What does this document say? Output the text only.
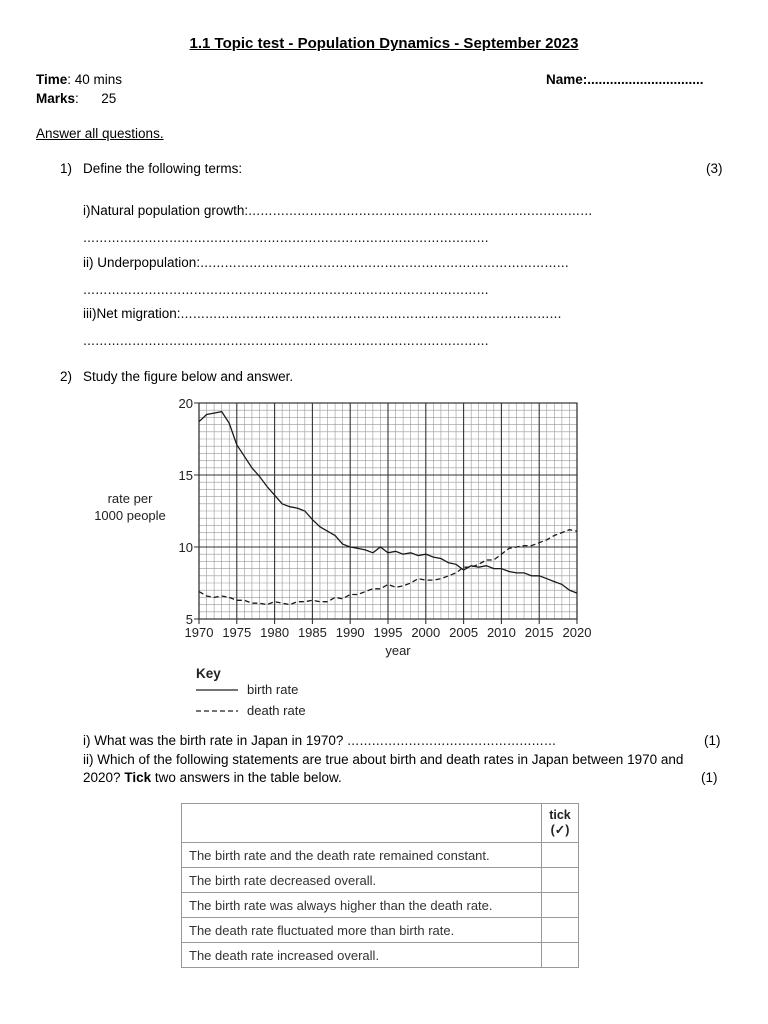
1.1 Topic test - Population Dynamics - September 2023
Time: 40 mins
Marks:      25
Name:...............................
Answer all questions.
1) Define the following terms:	(3)
i)Natural population growth:…………………………………………………………………………
………………………………………………………………………………………
ii) Underpopulation:………………………………………………………………………………
………………………………………………………………………………………
iii)Net migration:…………………………………………………………………………………
………………………………………………………………………………………
2) Study the figure below and answer.
rate per
1000 people
1970 1975 1980 1985 1990 1995 2000 2005 2010 2015 2020
5
10
15
20
year
Key
birth rate
death rate
i) What was the birth rate in Japan in 1970? ……………………………………………	(1)
ii) Which of the following statements are true about birth and death rates in Japan between 1970 and
2020? Tick two answers in the table below.	(1)

	tick
(✓)

The birth rate and the death rate remained constant.	
The birth rate decreased overall.	
The birth rate was always higher than the death rate.	
The death rate fluctuated more than birth rate.	
The death rate increased overall.	
